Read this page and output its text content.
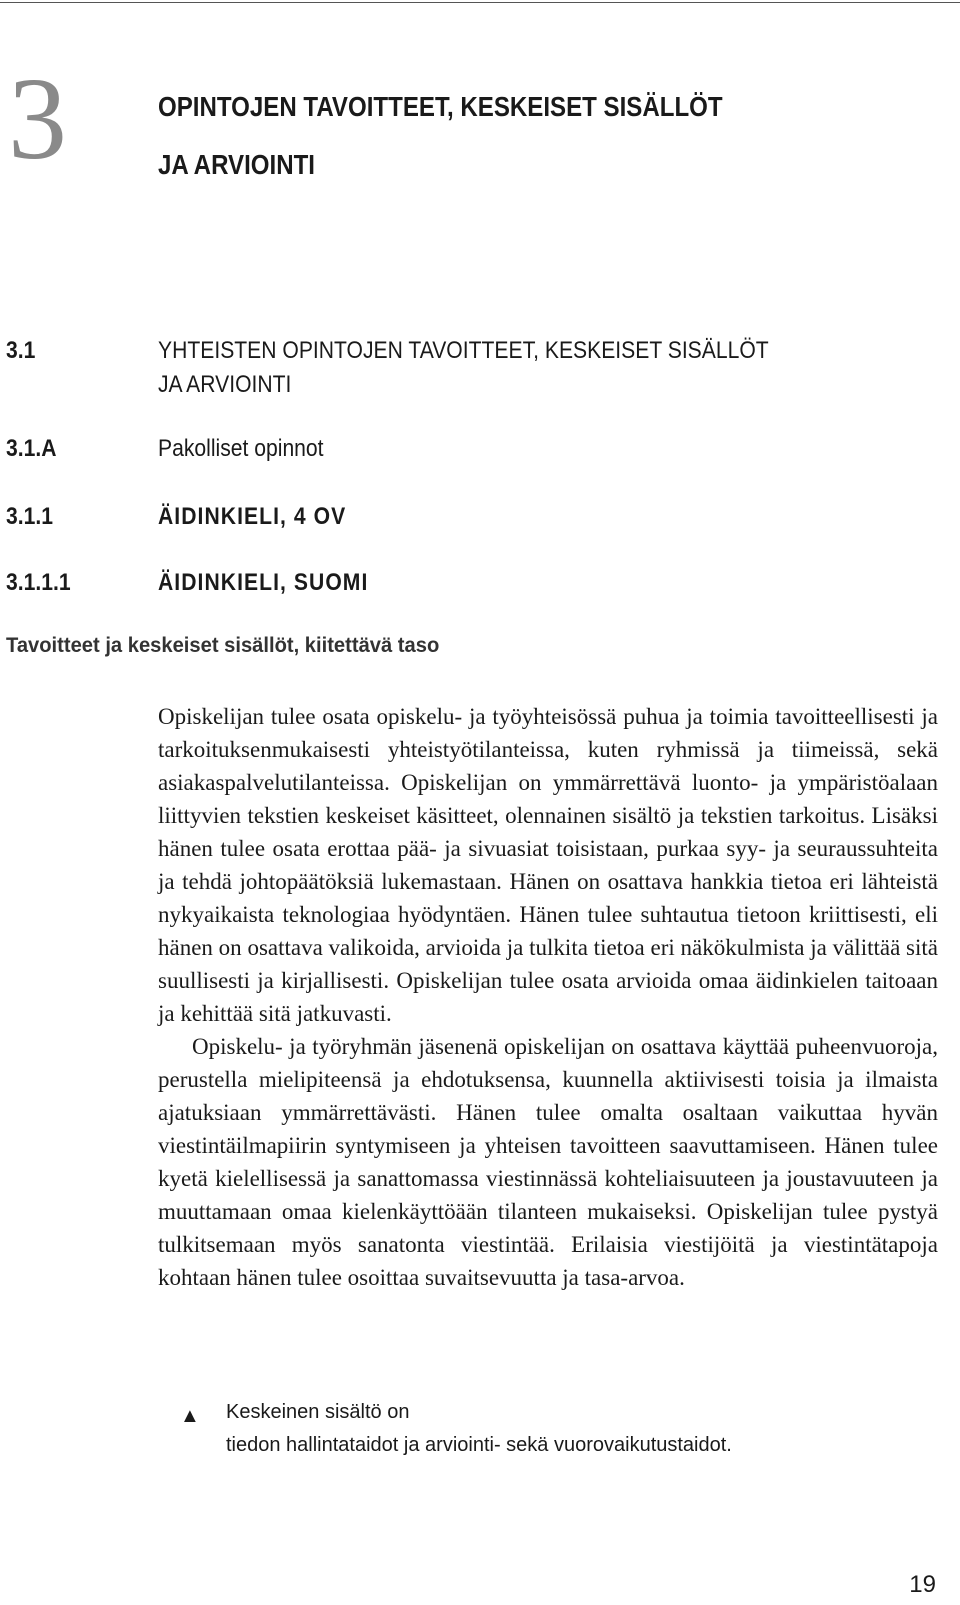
3	OPINTOJEN TAVOITTEET, KESKEISET SISÄLLÖT
JA ARVIOINTI
3.1	YHTEISTEN OPINTOJEN TAVOITTEET, KESKEISET SISÄLLÖT
JA ARVIOINTI
3.1.A	Pakolliset opinnot
3.1.1	ÄIDINKIELI, 4 OV
3.1.1.1	ÄIDINKIELI, SUOMI
Tavoitteet ja keskeiset sisällöt, kiitettävä taso

Opiskelijan tulee osata opiskelu- ja työyhteisössä puhua ja toimia tavoitteellisesti ja tarkoituksenmukaisesti yhteistyötilanteissa, kuten ryhmissä ja tiimeissä, sekä asiakaspalvelutilanteissa. Opiskelijan on ymmärrettävä luonto- ja ympäristöalaan liittyvien tekstien keskeiset käsitteet, olennainen sisältö ja tekstien tarkoitus. Lisäksi hänen tulee osata erottaa pää- ja sivuasiat toisistaan, purkaa syy- ja seuraussuhteita ja tehdä johtopäätöksiä lukemastaan. Hänen on osattava hankkia tietoa eri lähteistä nykyaikaista teknologiaa hyödyntäen. Hänen tulee suhtautua tietoon kriittisesti, eli hänen on osattava valikoida, arvioida ja tulkita tietoa eri näkökulmista ja välittää sitä suullisesti ja kirjallisesti. Opiskelijan tulee osata arvioida omaa äidinkielen taitoaan ja kehittää sitä jatkuvasti.

Opiskelu- ja työryhmän jäsenenä opiskelijan on osattava käyttää puheenvuoroja, perustella mielipiteensä ja ehdotuksensa, kuunnella aktiivisesti toisia ja ilmaista ajatuksiaan ymmärrettävästi. Hänen tulee omalta osaltaan vaikuttaa hyvän viestintäilmapiirin syntymiseen ja yhteisen tavoitteen saavuttamiseen. Hänen tulee kyetä kielellisessä ja sanattomassa viestinnässä kohteliaisuuteen ja joustavuuteen ja muuttamaan omaa kielenkäyttöään tilanteen mukaiseksi. Opiskelijan tulee pystyä tulkitsemaan myös sanatonta viestintää. Erilaisia viestijöitä ja viestintätapoja kohtaan hänen tulee osoittaa suvaitsevuutta ja tasa-arvoa.

▲ Keskeinen sisältö on
tiedon hallintataidot ja arviointi- sekä vuorovaikutustaidot.
19
